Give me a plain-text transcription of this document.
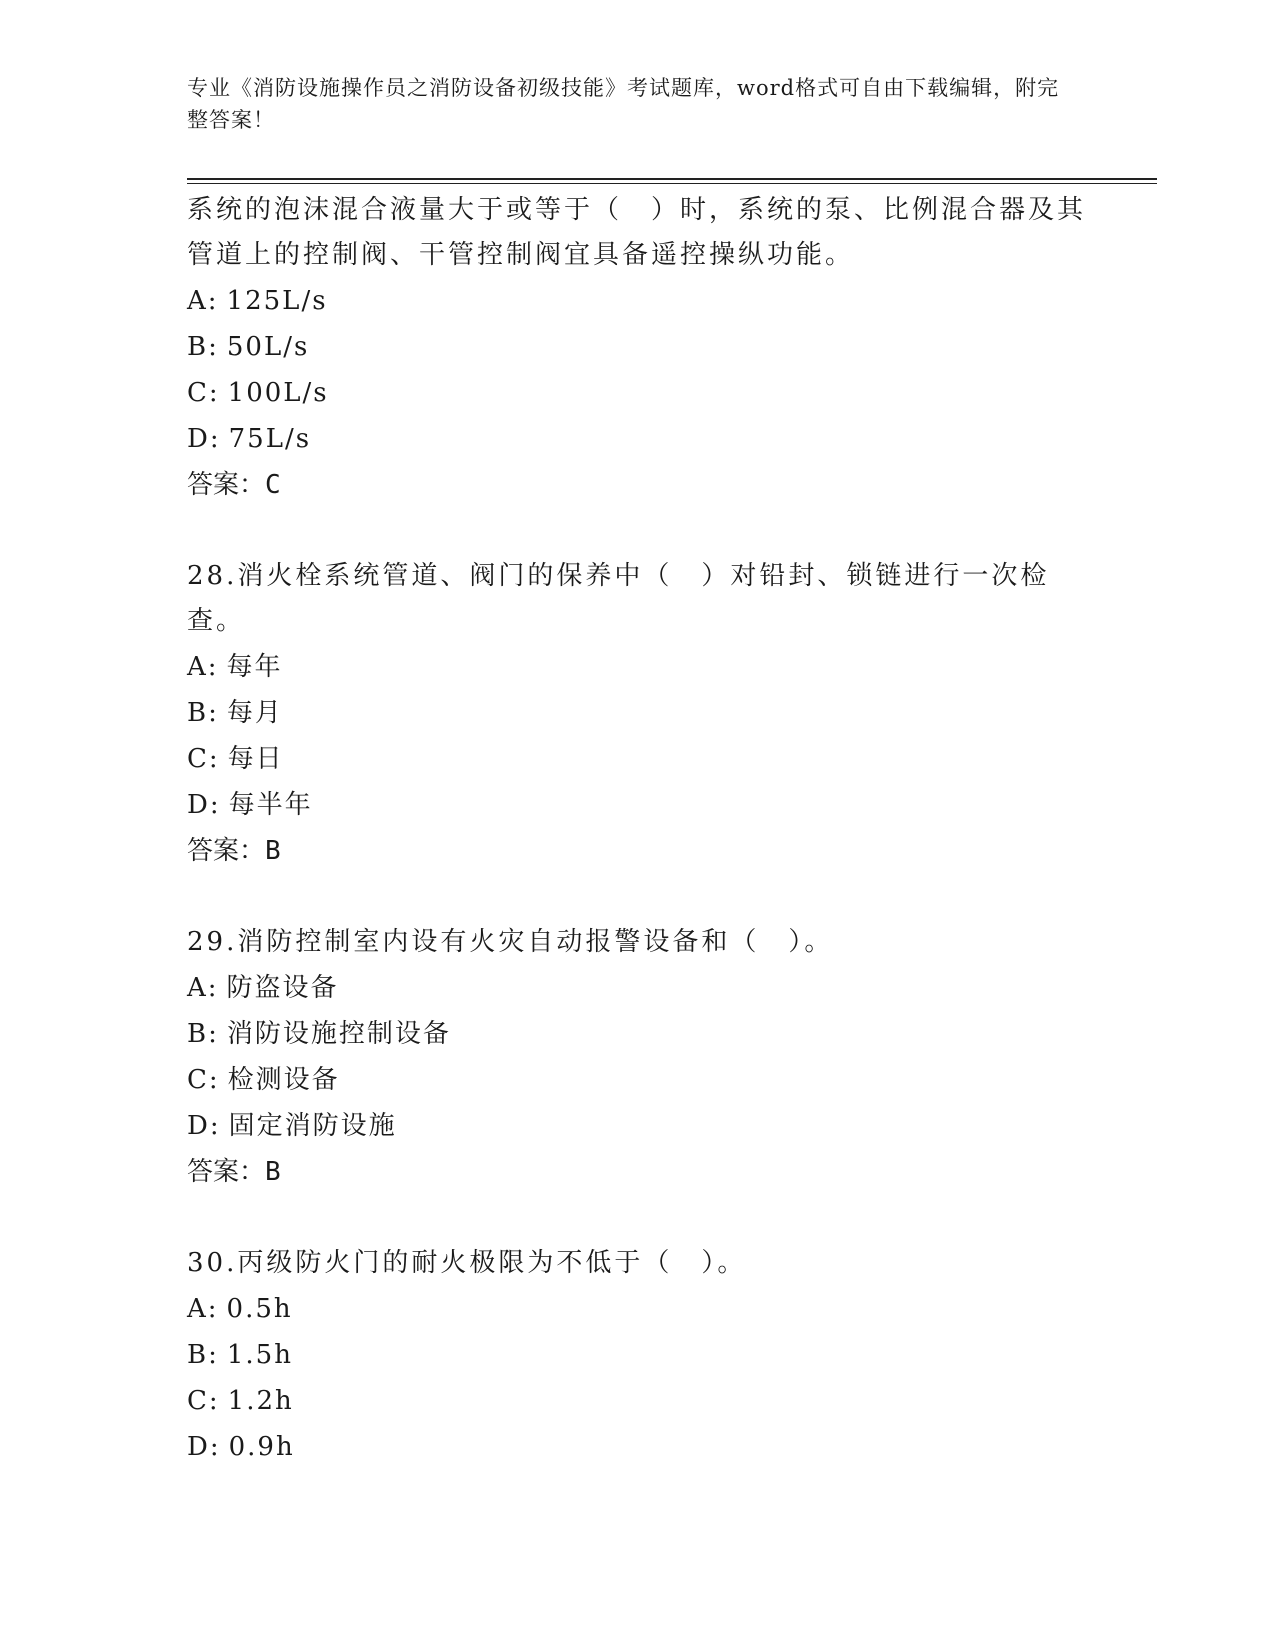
专业《消防设施操作员之消防设备初级技能》考试题库，word格式可自由下载编辑，附完整答案！

系统的泡沫混合液量大于或等于（　）时，系统的泵、比例混合器及其管道上的控制阀、干管控制阀宜具备遥控操纵功能。

A: 125L/s

B: 50L/s

C: 100L/s

D: 75L/s

答案：C

28.消火栓系统管道、阀门的保养中（　）对铅封、锁链进行一次检查。

A: 每年

B: 每月

C: 每日

D: 每半年

答案：B

29.消防控制室内设有火灾自动报警设备和（　）。

A: 防盗设备

B: 消防设施控制设备

C: 检测设备

D: 固定消防设施

答案：B

30.丙级防火门的耐火极限为不低于（　）。

A: 0.5h

B: 1.5h

C: 1.2h

D: 0.9h
